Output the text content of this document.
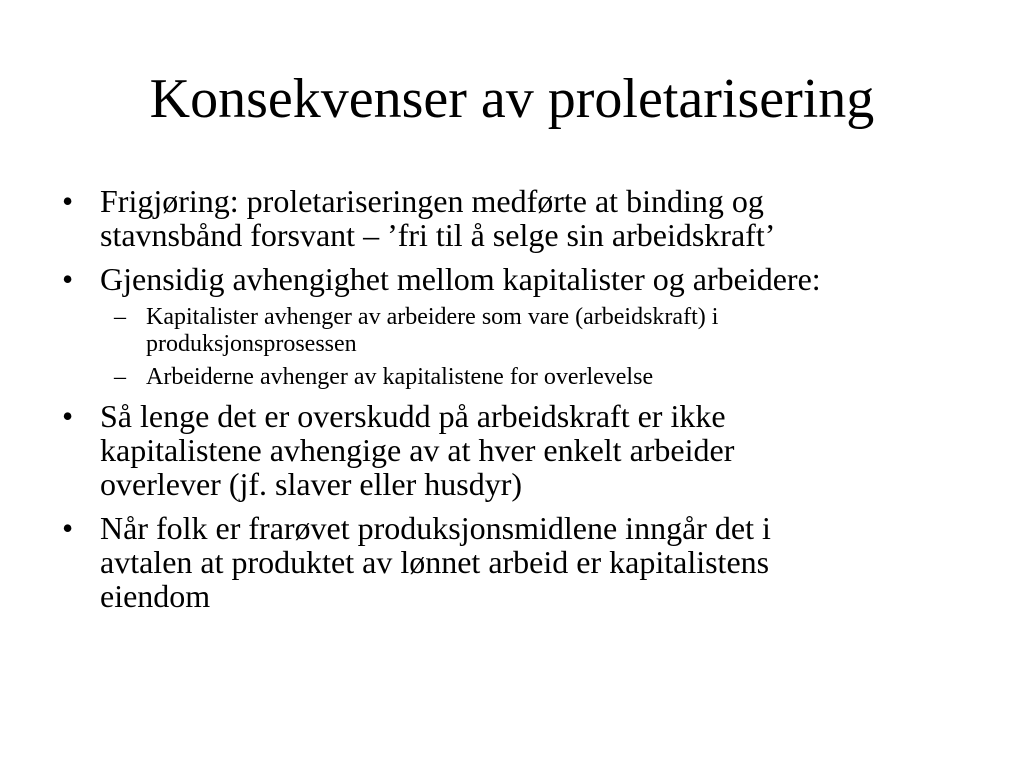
Konsekvenser av proletarisering
• Frigjøring: proletariseringen medførte at binding og
stavnsbånd forsvant – ’fri til å selge sin arbeidskraft’
• Gjensidig avhengighet mellom kapitalister og arbeidere:
– Kapitalister avhenger av arbeidere som vare (arbeidskraft) i
produksjonsprosessen
– Arbeiderne avhenger av kapitalistene for overlevelse
• Så lenge det er overskudd på arbeidskraft er ikke
kapitalistene avhengige av at hver enkelt arbeider
overlever (jf. slaver eller husdyr)
• Når folk er frarøvet produksjonsmidlene inngår det i
avtalen at produktet av lønnet arbeid er kapitalistens
eiendom
